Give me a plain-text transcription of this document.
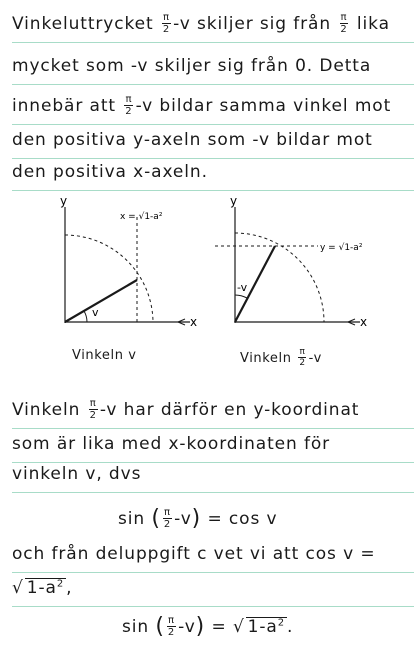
Vinkeluttrycket $\frac{\pi}{2} -v$ skiljer sig från $\frac{\pi}{2}$ lika
mycket som -v skiljer sig från 0. Detta
innebär att $\frac{\pi}{2} -v$ bildar samma vinkel mot
den positiva y-axeln som -v bildar mot
den positiva x-axeln.
y
x
x = √1-a²
v
Vinkeln v
y
x
y = √1-a²
-v
Vinkeln $\frac{\pi}{2} -v$
Vinkeln $\frac{\pi}{2} -v$ har därför en y-koordinat
som är lika med x-koordinaten för
vinkeln v, dvs
sin ( $\frac{\pi}{2} -v) = \cos v$
och från deluppgift c vet vi att cos v =
√ $1-a^2$ ,
sin ( $\frac{\pi}{2} -v$) = √ $1-a^2$ .
